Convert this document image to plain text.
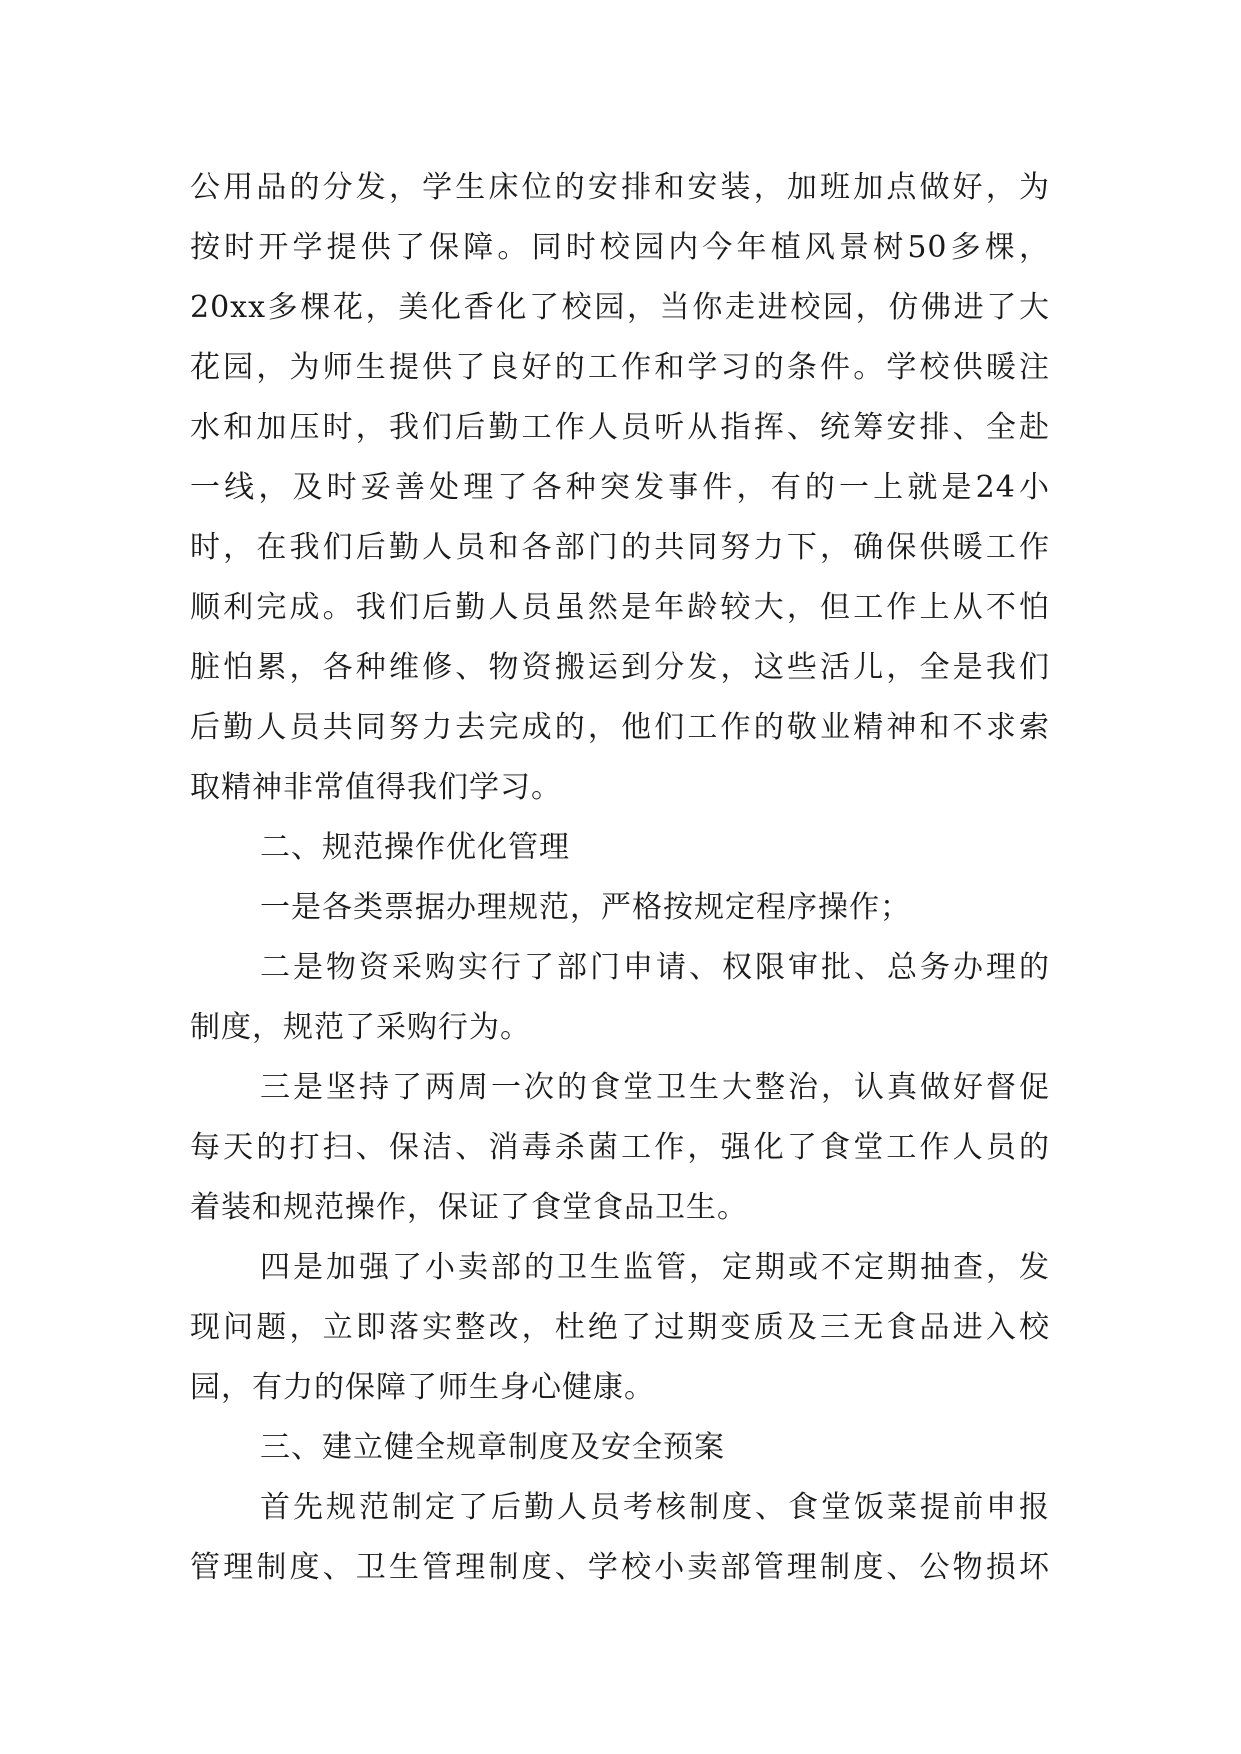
公用品的分发，学生床位的安排和安装，加班加点做好，为
按时开学提供了保障。同时校园内今年植风景树50多棵，
20xx多棵花，美化香化了校园，当你走进校园，仿佛进了大
花园，为师生提供了良好的工作和学习的条件。学校供暖注
水和加压时，我们后勤工作人员听从指挥、统筹安排、全赴
一线，及时妥善处理了各种突发事件，有的一上就是24小
时，在我们后勤人员和各部门的共同努力下，确保供暖工作
顺利完成。我们后勤人员虽然是年龄较大，但工作上从不怕
脏怕累，各种维修、物资搬运到分发，这些活儿，全是我们
后勤人员共同努力去完成的，他们工作的敬业精神和不求索
取精神非常值得我们学习。
二、规范操作优化管理
一是各类票据办理规范，严格按规定程序操作；
二是物资采购实行了部门申请、权限审批、总务办理的
制度，规范了采购行为。
三是坚持了两周一次的食堂卫生大整治，认真做好督促
每天的打扫、保洁、消毒杀菌工作，强化了食堂工作人员的
着装和规范操作，保证了食堂食品卫生。
四是加强了小卖部的卫生监管，定期或不定期抽查，发
现问题，立即落实整改，杜绝了过期变质及三无食品进入校
园，有力的保障了师生身心健康。
三、建立健全规章制度及安全预案
首先规范制定了后勤人员考核制度、食堂饭菜提前申报
管理制度、卫生管理制度、学校小卖部管理制度、公物损坏
